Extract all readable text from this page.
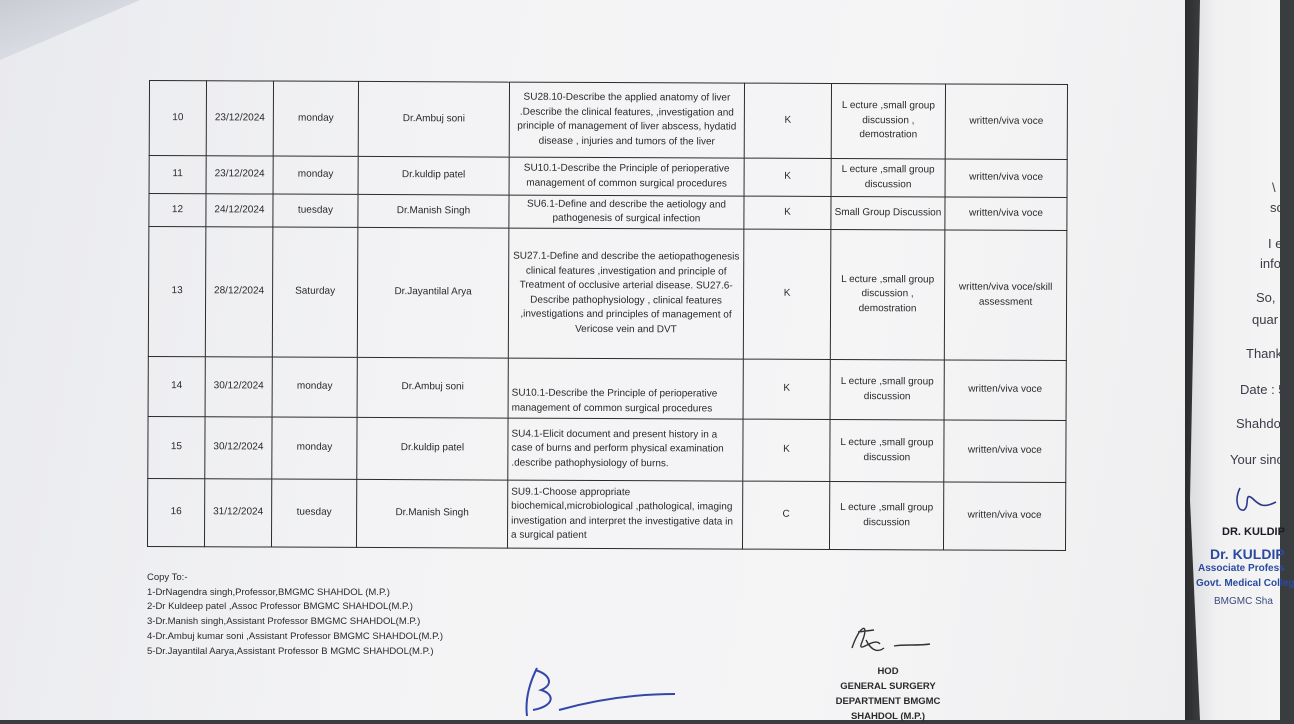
\
so
I e
info
So,
quar
Thank
Date : 5
Shahdol
Your sinc
DR. KULDIP
Dr. KULDIP
Associate Profess
Govt. Medical Colleg
BMGMC Sha
10	23/12/2024	monday	Dr.Ambuj soni	SU28.10-Describe the applied anatomy of liver .Describe the clinical features, ,investigation and principle of management of liver abscess, hydatid disease , injuries and tumors of the liver	K	L ecture ,small group discussion , demostration	written/viva voce
11	23/12/2024	monday	Dr.kuldip patel	SU10.1-Describe the Principle of perioperative management of common surgical procedures	K	L ecture ,small group discussion	written/viva voce
12	24/12/2024	tuesday	Dr.Manish Singh	SU6.1-Define and describe the aetiology and pathogenesis of surgical infection	K	Small Group Discussion	written/viva voce
13	28/12/2024	Saturday	Dr.Jayantilal Arya	SU27.1-Define and describe the aetiopathogenesis clinical features ,investigation and principle of Treatment of occlusive arterial disease. SU27.6-Describe pathophysiology , clinical features ,investigations and principles of management of Vericose vein and DVT	K	L ecture ,small group discussion , demostration	written/viva voce/skill assessment
14	30/12/2024	monday	Dr.Ambuj soni	SU10.1-Describe the Principle of perioperative management of common surgical procedures	K	L ecture ,small group discussion	written/viva voce
15	30/12/2024	monday	Dr.kuldip patel	SU4.1-Elicit document and present history in a case of burns and perform physical examination .describe pathophysiology of burns.	K	L ecture ,small group discussion	written/viva voce
16	31/12/2024	tuesday	Dr.Manish Singh	SU9.1-Choose appropriate biochemical,microbiological ,pathological, imaging investigation and interpret the investigative data in a surgical patient	C	L ecture ,small group discussion	written/viva voce
Copy To:-
1-DrNagendra singh,Professor,BMGMC SHAHDOL (M.P.)
2-Dr Kuldeep patel ,Assoc Professor BMGMC SHAHDOL(M.P.)
3-Dr.Manish singh,Assistant Professor BMGMC SHAHDOL(M.P.)
4-Dr.Ambuj kumar soni ,Assistant Professor BMGMC SHAHDOL(M.P.)
5-Dr.Jayantilal Aarya,Assistant Professor B MGMC SHAHDOL(M.P.)
HOD
GENERAL SURGERY
DEPARTMENT BMGMC
SHAHDOL (M.P.)
